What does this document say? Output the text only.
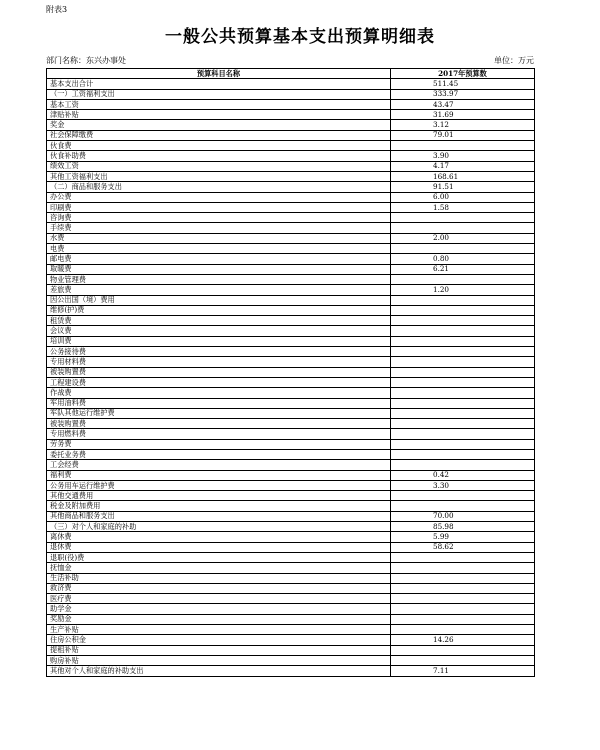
附表3
一般公共预算基本支出预算明细表
部门名称：东兴办事处	单位：万元
预算科目名称	2017年预算数
基本支出合计	511.45
（一）工资福利支出	333.97
基本工资	43.47
津贴补贴	31.69
奖金	3.12
社会保障缴费	79.01
伙食费	
伙食补助费	3.90
绩效工资	4.17
其他工资福利支出	168.61
（二）商品和服务支出	91.51
办公费	6.00
印刷费	1.58
咨询费	
手续费	
水费	2.00
电费	
邮电费	0.80
取暖费	6.21
物业管理费	
差旅费	1.20
因公出国（境）费用	
维修(护)费	
租赁费	
会议费	
培训费	
公务接待费	
专用材料费	
被装购置费	
工程建设费	
作战费	
军用油料费	
军队其他运行维护费	
被装购置费	
专用燃料费	
劳务费	
委托业务费	
工会经费	
福利费	0.42
公务用车运行维护费	3.30
其他交通费用	
税金及附加费用	
其他商品和服务支出	70.00
（三）对个人和家庭的补助	85.98
离休费	5.99
退休费	58.62
退职(役)费	
抚恤金	
生活补助	
救济费	
医疗费	
助学金	
奖励金	
生产补贴	
住房公积金	14.26
提租补贴	
购房补贴	
其他对个人和家庭的补助支出	7.11
